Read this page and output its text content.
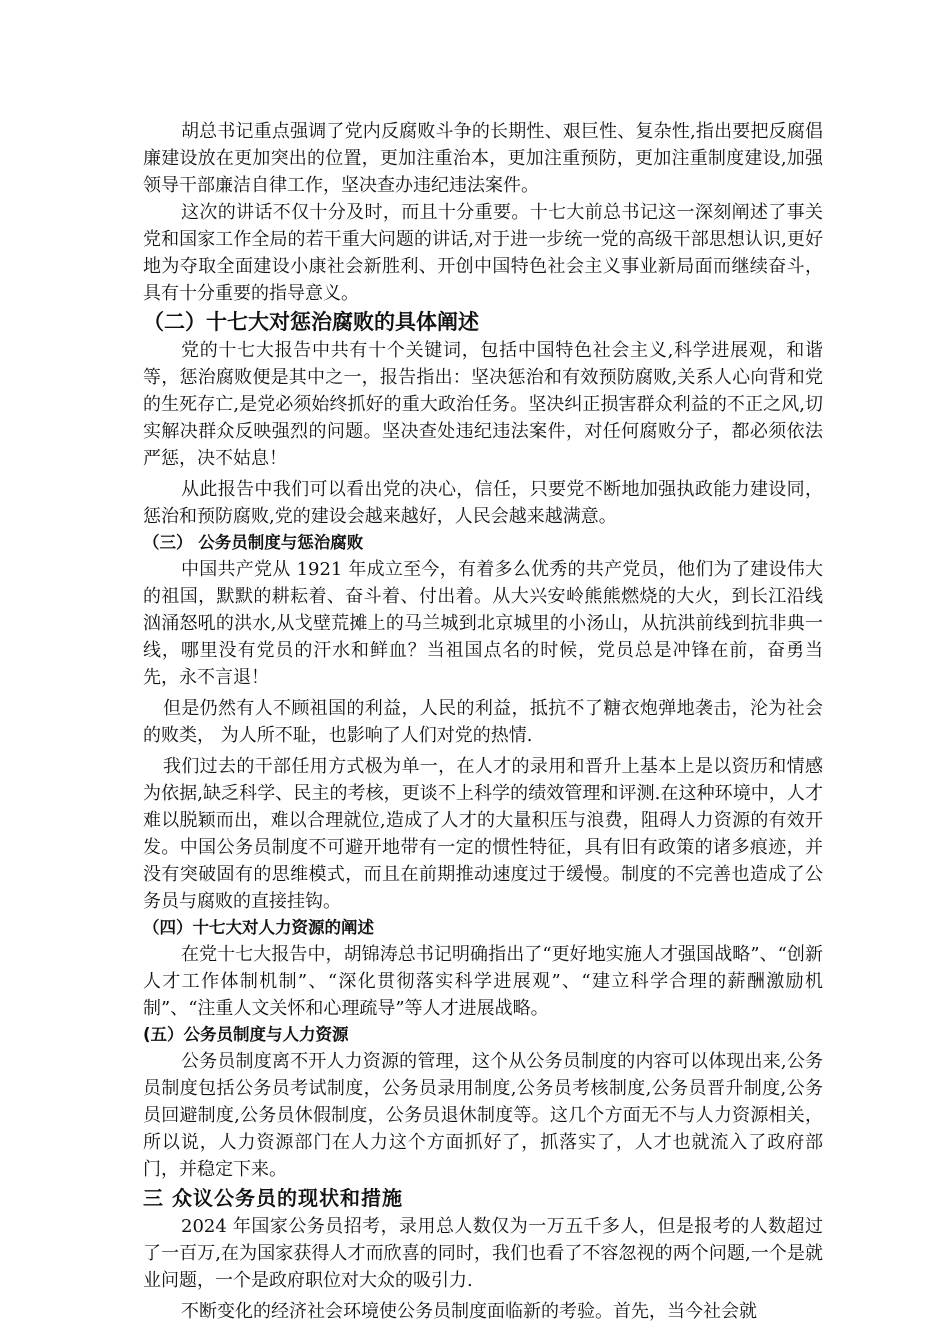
胡总书记重点强调了党内反腐败斗争的长期性、艰巨性、复杂性,指出要把反腐倡廉建设放在更加突出的位置，更加注重治本，更加注重预防，更加注重制度建设,加强领导干部廉洁自律工作，坚决查办违纪违法案件。

这次的讲话不仅十分及时，而且十分重要。十七大前总书记这一深刻阐述了事关党和国家工作全局的若干重大问题的讲话,对于进一步统一党的高级干部思想认识,更好地为夺取全面建设小康社会新胜利、开创中国特色社会主义事业新局面而继续奋斗，具有十分重要的指导意义。

（二）十七大对惩治腐败的具体阐述

党的十七大报告中共有十个关键词，包括中国特色社会主义,科学进展观，和谐等，惩治腐败便是其中之一，报告指出：坚决惩治和有效预防腐败,关系人心向背和党的生死存亡,是党必须始终抓好的重大政治任务。坚决纠正损害群众利益的不正之风,切实解决群众反映强烈的问题。坚决查处违纪违法案件，对任何腐败分子，都必须依法严惩，决不姑息！

从此报告中我们可以看出党的决心，信任，只要党不断地加强执政能力建设同，惩治和预防腐败,党的建设会越来越好，人民会越来越满意。

（三） 公务员制度与惩治腐败

中国共产党从 1921 年成立至今，有着多么优秀的共产党员，他们为了建设伟大的祖国，默默的耕耘着、奋斗着、付出着。从大兴安岭熊熊燃烧的大火，到长江沿线汹涌怒吼的洪水,从戈壁荒摊上的马兰城到北京城里的小汤山，从抗洪前线到抗非典一线，哪里没有党员的汗水和鲜血？当祖国点名的时候，党员总是冲锋在前，奋勇当先，永不言退！

但是仍然有人不顾祖国的利益，人民的利益，抵抗不了糖衣炮弹地袭击，沦为社会的败类， 为人所不耻，也影响了人们对党的热情.

我们过去的干部任用方式极为单一，在人才的录用和晋升上基本上是以资历和情感为依据,缺乏科学、民主的考核，更谈不上科学的绩效管理和评测.在这种环境中，人才难以脱颖而出，难以合理就位,造成了人才的大量积压与浪费，阻碍人力资源的有效开发。中国公务员制度不可避开地带有一定的惯性特征，具有旧有政策的诸多痕迹，并没有突破固有的思维模式，而且在前期推动速度过于缓慢。制度的不完善也造成了公务员与腐败的直接挂钩。

（四）十七大对人力资源的阐述

在党十七大报告中，胡锦涛总书记明确指出了“更好地实施人才强国战略”、“创新人才工作体制机制”、“深化贯彻落实科学进展观”、“建立科学合理的薪酬激励机制”、“注重人文关怀和心理疏导”等人才进展战略。

(五）公务员制度与人力资源

公务员制度离不开人力资源的管理，这个从公务员制度的内容可以体现出来,公务员制度包括公务员考试制度，公务员录用制度,公务员考核制度,公务员晋升制度,公务员回避制度,公务员休假制度，公务员退休制度等。这几个方面无不与人力资源相关，所以说，人力资源部门在人力这个方面抓好了，抓落实了，人才也就流入了政府部门，并稳定下来。

三 众议公务员的现状和措施

2024 年国家公务员招考，录用总人数仅为一万五千多人，但是报考的人数超过了一百万,在为国家获得人才而欣喜的同时，我们也看了不容忽视的两个问题,一个是就业问题，一个是政府职位对大众的吸引力.

不断变化的经济社会环境使公务员制度面临新的考验。首先，当今社会就
